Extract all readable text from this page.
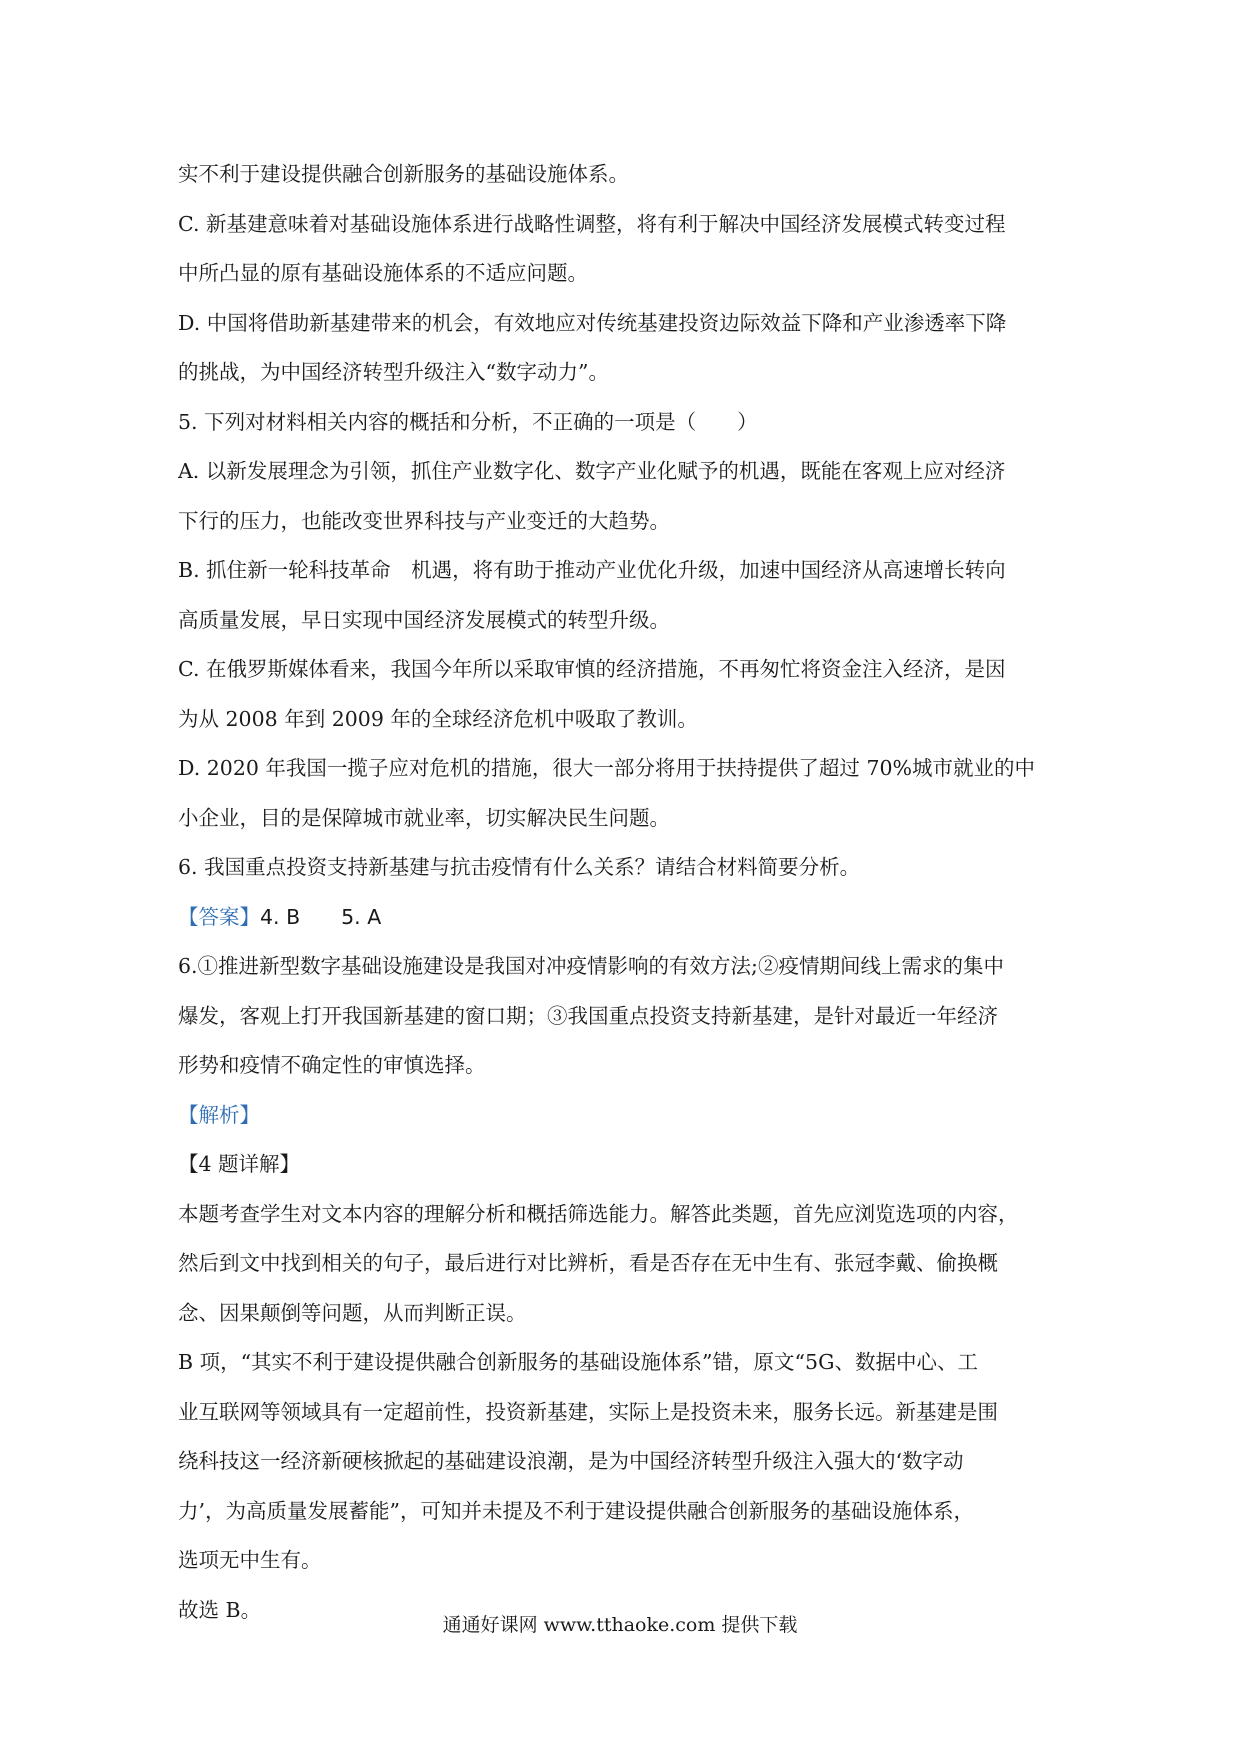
实不利于建设提供融合创新服务的基础设施体系。
C. 新基建意味着对基础设施体系进行战略性调整，将有利于解决中国经济发展模式转变过程
中所凸显的原有基础设施体系的不适应问题。
D. 中国将借助新基建带来的机会，有效地应对传统基建投资边际效益下降和产业渗透率下降
的挑战，为中国经济转型升级注入“数字动力”。
5. 下列对材料相关内容的概括和分析，不正确的一项是（　　）
A. 以新发展理念为引领，抓住产业数字化、数字产业化赋予的机遇，既能在客观上应对经济
下行的压力，也能改变世界科技与产业变迁的大趋势。
B. 抓住新一轮科技革命　机遇，将有助于推动产业优化升级，加速中国经济从高速增长转向
高质量发展，早日实现中国经济发展模式的转型升级。
C. 在俄罗斯媒体看来，我国今年所以采取审慎的经济措施，不再匆忙将资金注入经济，是因
为从 2008 年到 2009 年的全球经济危机中吸取了教训。
D. 2020 年我国一揽子应对危机的措施，很大一部分将用于扶持提供了超过 70%城市就业的中
小企业，目的是保障城市就业率，切实解决民生问题。
6. 我国重点投资支持新基建与抗击疫情有什么关系？请结合材料简要分析。
【答案】4. B　　5. A
6.①推进新型数字基础设施建设是我国对冲疫情影响的有效方法;②疫情期间线上需求的集中
爆发，客观上打开我国新基建的窗口期；③我国重点投资支持新基建，是针对最近一年经济
形势和疫情不确定性的审慎选择。
【解析】
【4 题详解】
本题考查学生对文本内容的理解分析和概括筛选能力。解答此类题，首先应浏览选项的内容，
然后到文中找到相关的句子，最后进行对比辨析，看是否存在无中生有、张冠李戴、偷换概
念、因果颠倒等问题，从而判断正误。
B 项，“其实不利于建设提供融合创新服务的基础设施体系”错，原文“5G、数据中心、工
业互联网等领域具有一定超前性，投资新基建，实际上是投资未来，服务长远。新基建是围
绕科技这一经济新硬核掀起的基础建设浪潮，是为中国经济转型升级注入强大的‘数字动
力’，为高质量发展蓄能”，可知并未提及不利于建设提供融合创新服务的基础设施体系，
选项无中生有。
故选 B。
通通好课网 www.tthaoke.com 提供下载
